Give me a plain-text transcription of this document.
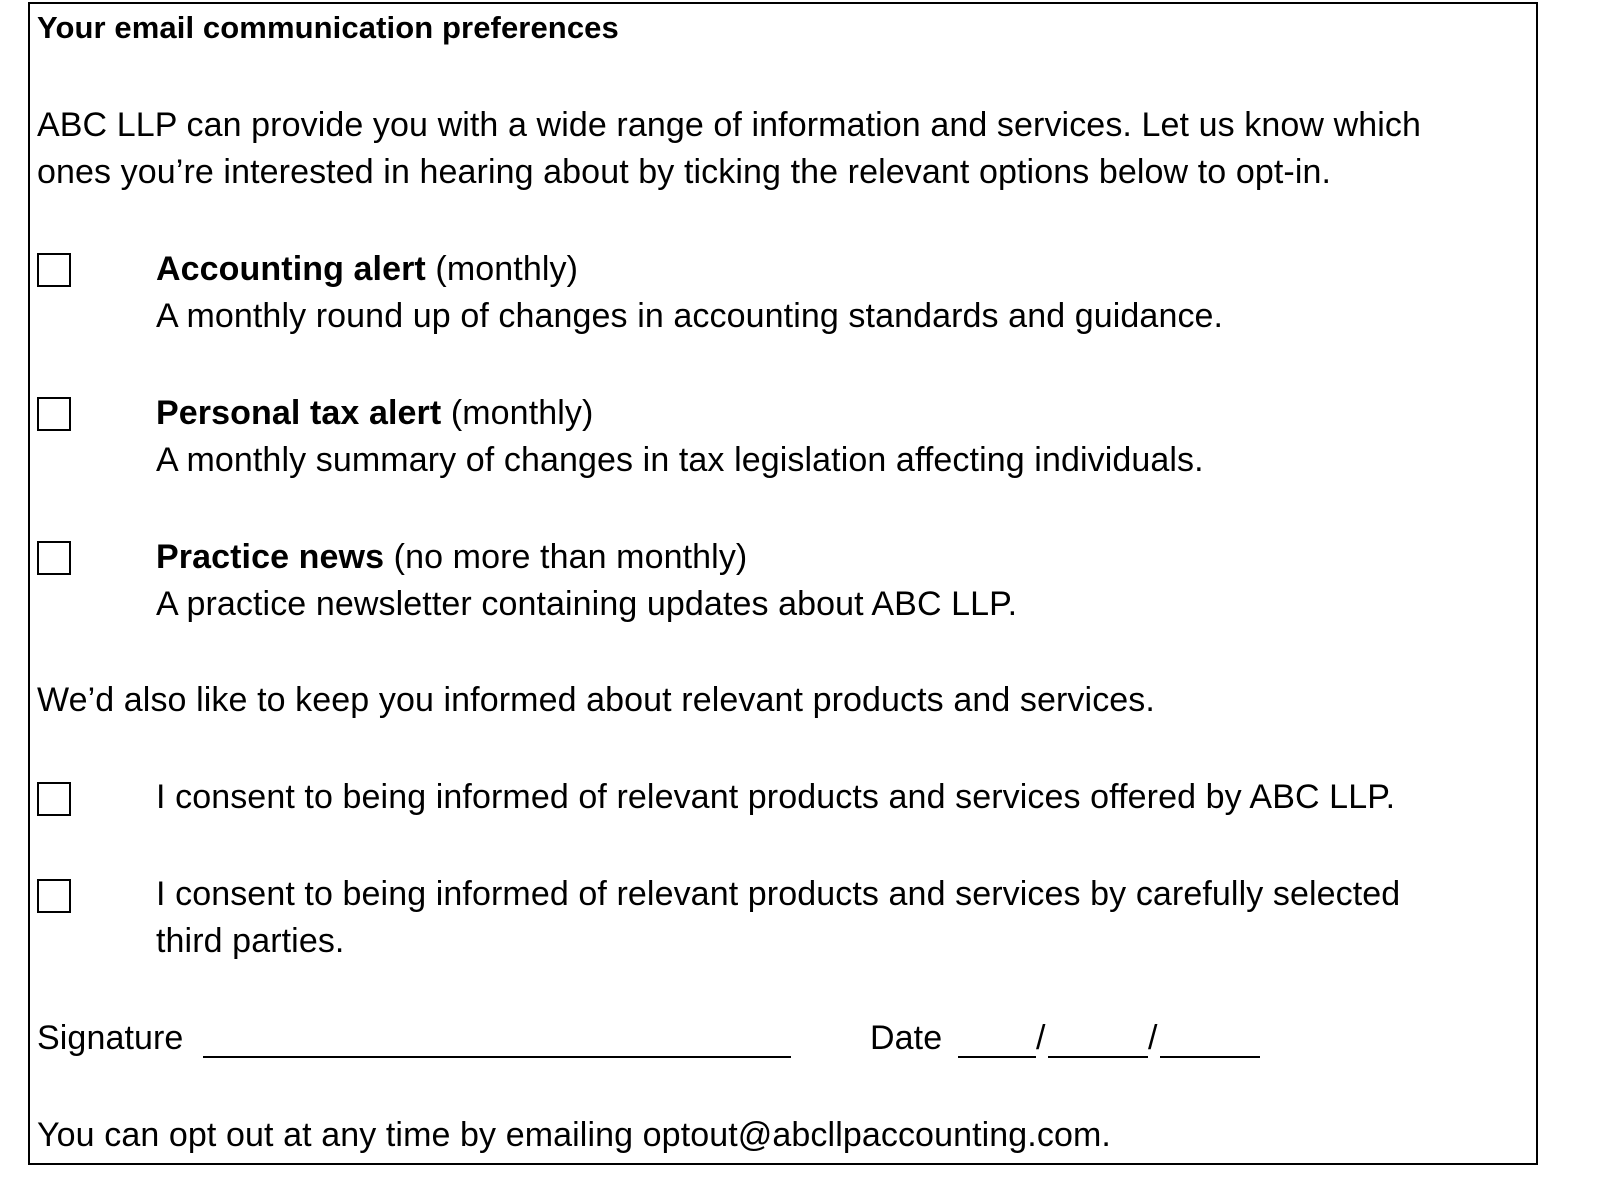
Your email communication preferences
ABC LLP can provide you with a wide range of information and services. Let us know which
ones you’re interested in hearing about by ticking the relevant options below to opt-in.
Accounting alert (monthly)
A monthly round up of changes in accounting standards and guidance.
Personal tax alert (monthly)
A monthly summary of changes in tax legislation affecting individuals.
Practice news (no more than monthly)
A practice newsletter containing updates about ABC LLP.
We’d also like to keep you informed about relevant products and services.
I consent to being informed of relevant products and services offered by ABC LLP.
I consent to being informed of relevant products and services by carefully selected
third parties.
Signature	Date	/	/
You can opt out at any time by emailing optout@abcllpaccounting.com.
